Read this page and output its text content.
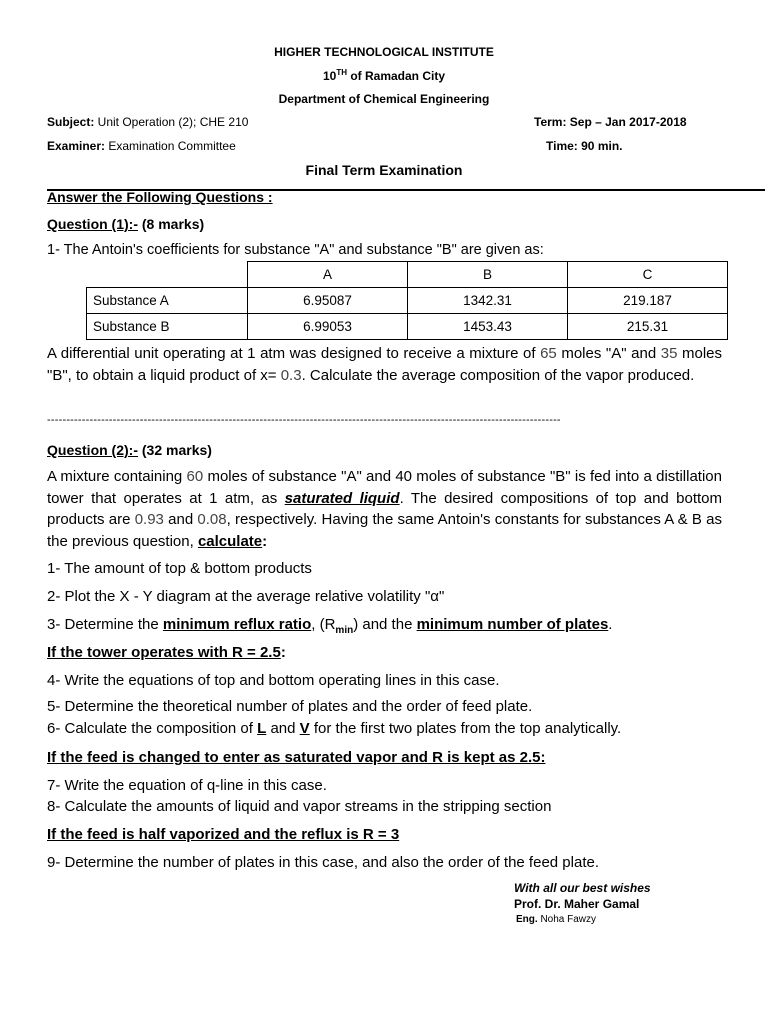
HIGHER TECHNOLOGICAL INSTITUTE
10TH of Ramadan City
Department of Chemical Engineering
Subject: Unit Operation (2); CHE 210	Term: Sep – Jan 2017-2018
Examiner: Examination Committee	Time: 90 min.
Final Term Examination
Answer the Following Questions :
Question (1):- (8 marks)
1- The Antoin's coefficients for substance "A" and substance "B" are given as:
	A	B	C
Substance A	6.95087	1342.31	219.187
Substance B	6.99053	1453.43	215.31
A differential unit operating at 1 atm was designed to receive a mixture of 65 moles "A" and 35 moles "B", to obtain a liquid product of x= 0.3. Calculate the average composition of the vapor produced.
-------------------------------------------------------------------------------------------------------------------------------------
Question (2):- (32 marks)
A mixture containing 60 moles of substance "A" and 40 moles of substance "B" is fed into a distillation tower that operates at 1 atm, as saturated liquid. The desired compositions of top and bottom products are 0.93 and 0.08, respectively. Having the same Antoin's constants for substances A & B as the previous question, calculate:
1- The amount of top & bottom products
2- Plot the X - Y diagram at the average relative volatility "α"
3- Determine the minimum reflux ratio, $(R_{min})$ and the minimum number of plates.
If the tower operates with R = 2.5:
4- Write the equations of top and bottom operating lines in this case.
5- Determine the theoretical number of plates and the order of feed plate.
6- Calculate the composition of L and V for the first two plates from the top analytically.
If the feed is changed to enter as saturated vapor and R is kept as 2.5:
7- Write the equation of q-line in this case.
8- Calculate the amounts of liquid and vapor streams in the stripping section
If the feed is half vaporized and the reflux is R = 3
9- Determine the number of plates in this case, and also the order of the feed plate.
With all our best wishes
Prof. Dr. Maher Gamal
Eng. Noha Fawzy
